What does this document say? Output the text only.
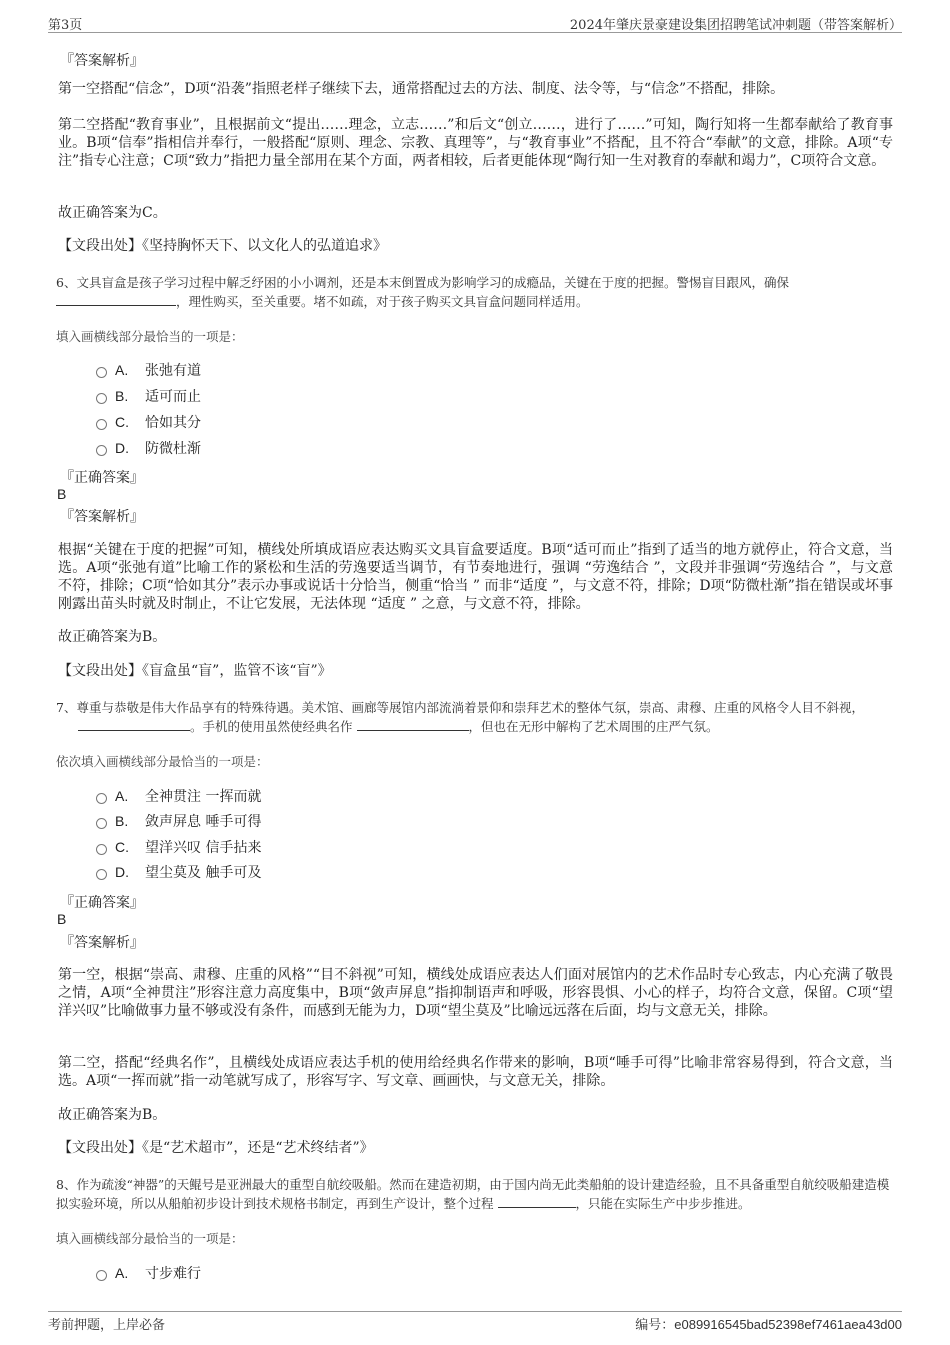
第3页	2024年肇庆景豪建设集团招聘笔试冲刺题（带答案解析）
『答案解析』
第一空搭配“信念”，D项“沿袭”指照老样子继续下去，通常搭配过去的方法、制度、法令等，与“信念”不搭配，排除。
第二空搭配“教育事业”，且根据前文“提出……理念，立志……”和后文“创立……，进行了……”可知，陶行知将一生都奉献给了教育事业。B项“信奉”指相信并奉行，一般搭配“原则、理念、宗教、真理等”，与“教育事业”不搭配，且不符合“奉献”的文意，排除。A项“专注”指专心注意；C项“致力”指把力量全部用在某个方面，两者相较，后者更能体现“陶行知一生对教育的奉献和竭力”，C项符合文意。
故正确答案为C。
【文段出处】《坚持胸怀天下、以文化人的弘道追求》
6、文具盲盒是孩子学习过程中解乏纾困的小小调剂，还是本末倒置成为影响学习的成瘾品，关键在于度的把握。警惕盲目跟风，确保
，理性购买，至关重要。堵不如疏，对于孩子购买文具盲盒问题同样适用。
填入画横线部分最恰当的一项是：
A.	张弛有道
B.	适可而止
C.	恰如其分
D.	防微杜渐
『正确答案』
B
『答案解析』
根据“关键在于度的把握”可知，横线处所填成语应表达购买文具盲盒要适度。B项“适可而止”指到了适当的地方就停止，符合文意，当选。A项“张弛有道”比喻工作的紧松和生活的劳逸要适当调节，有节奏地进行，强调 “劳逸结合 ”，文段并非强调“劳逸结合 ”，与文意不符，排除；C项“恰如其分”表示办事或说话十分恰当，侧重“恰当 ” 而非“适度 ”，与文意不符，排除；D项“防微杜渐”指在错误或坏事刚露出苗头时就及时制止，不让它发展，无法体现 “适度 ” 之意，与文意不符，排除。
故正确答案为B。
【文段出处】《盲盒虽“盲”，监管不该“盲”》
7、尊重与恭敬是伟大作品享有的特殊待遇。美术馆、画廊等展馆内部流淌着景仰和崇拜艺术的整体气氛，崇高、肃穆、庄重的风格令人目不斜视，。手机的使用虽然使经典名作	，但也在无形中解构了艺术周围的庄严气氛。
依次填入画横线部分最恰当的一项是：
A.	全神贯注 一挥而就
B.	敛声屏息 唾手可得
C.	望洋兴叹 信手拈来
D.	望尘莫及 触手可及
『正确答案』
B
『答案解析』
第一空，根据“崇高、肃穆、庄重的风格”“目不斜视”可知，横线处成语应表达人们面对展馆内的艺术作品时专心致志，内心充满了敬畏之情，A项“全神贯注”形容注意力高度集中，B项“敛声屏息”指抑制语声和呼吸，形容畏惧、小心的样子，均符合文意，保留。C项“望洋兴叹”比喻做事力量不够或没有条件，而感到无能为力，D项“望尘莫及”比喻远远落在后面，均与文意无关，排除。
第二空，搭配“经典名作”，且横线处成语应表达手机的使用给经典名作带来的影响，B项“唾手可得”比喻非常容易得到，符合文意，当选。A项“一挥而就”指一动笔就写成了，形容写字、写文章、画画快，与文意无关，排除。
故正确答案为B。
【文段出处】《是“艺术超市”，还是“艺术终结者”》
8、作为疏浚“神器”的天鲲号是亚洲最大的重型自航绞吸船。然而在建造初期，由于国内尚无此类船舶的设计建造经验，且不具备重型自航绞吸船建造模拟实验环境，所以从船舶初步设计到技术规格书制定，再到生产设计，整个过程	，只能在实际生产中步步推进。
填入画横线部分最恰当的一项是：
A.	寸步难行
考前押题，上岸必备	编号：e089916545bad52398ef7461aea43d00
